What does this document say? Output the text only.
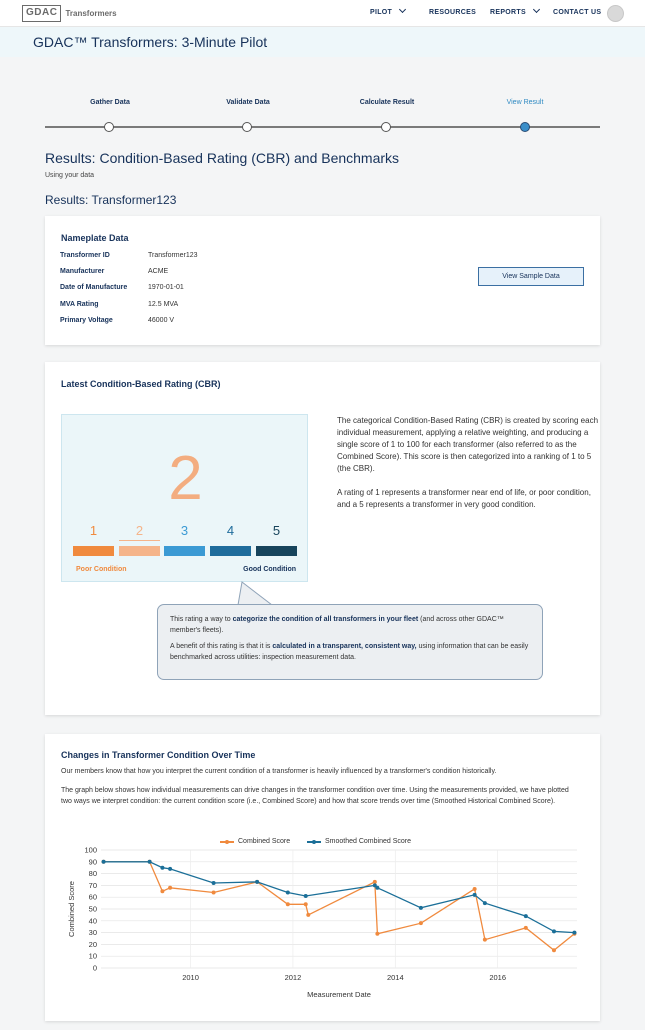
GDAC	Transformers	PILOT	RESOURCES REPORTS	CONTACT US
GDAC™ Transformers: 3-Minute Pilot
Gather Data	Validate Data	Calculate Result	View Result
Results: Condition-Based Rating (CBR) and Benchmarks
Using your data
Results: Transformer123
Nameplate Data
Transformer ID	Transformer123
Manufacturer	ACME
Date of Manufacture	1970-01-01
MVA Rating	12.5 MVA
Primary Voltage	46000 V
View Sample Data
Latest Condition-Based Rating (CBR)
2
1	2	3	4	5
Poor Condition	Good Condition

The categorical Condition-Based Rating (CBR) is created by scoring each individual measurement, applying a relative weighting, and producing a single score of 1 to 100 for each transformer (also referred to as the Combined Score). This score is then categorized into a ranking of 1 to 5 (the CBR).

A rating of 1 represents a transformer near end of life, or poor condition, and a 5 represents a transformer in very good condition.

This rating a way to categorize the condition of all transformers in your fleet (and across other GDAC™ member's fleets).

A benefit of this rating is that it is calculated in a transparent, consistent way, using information that can be easily benchmarked across utilities: inspection measurement data.

Changes in Transformer Condition Over Time
Our members know that how you interpret the current condition of a transformer is heavily influenced by a transformer's condition historically.
The graph below shows how individual measurements can drive changes in the transformer condition over time. Using the measurements provided, we have plotted two ways we interpret condition: the current condition score (i.e., Combined Score) and how that score trends over time (Smoothed Historical Combined Score).
Combined Score	Smoothed Combined Score
0
10
20
30
40
50
60
70
80
90
100
2010	2012	2014	2016
Measurement Date
Combined Score
